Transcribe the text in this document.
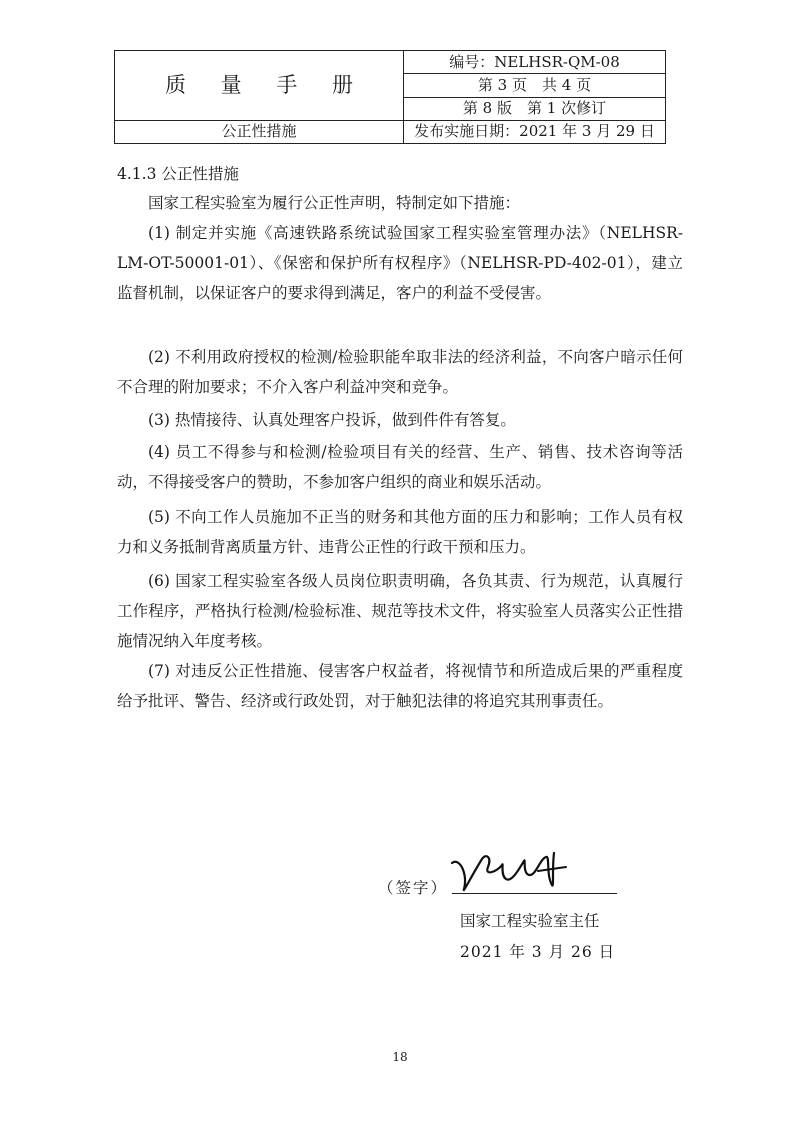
质 量 手 册	编号：NELHSR-QM-08
	第 3 页　共 4 页
	第 8 版　第 1 次修订
公正性措施	发布实施日期：2021 年 3 月 29 日
4.1.3 公正性措施

国家工程实验室为履行公正性声明，特制定如下措施：

(1) 制定并实施《高速铁路系统试验国家工程实验室管理办法》（NELHSR-LM-OT-50001-01）、《保密和保护所有权程序》（NELHSR-PD-402-01），建立监督机制，以保证客户的要求得到满足，客户的利益不受侵害。

(2) 不利用政府授权的检测/检验职能牟取非法的经济利益，不向客户暗示任何不合理的附加要求；不介入客户利益冲突和竞争。

(3) 热情接待、认真处理客户投诉，做到件件有答复。

(4) 员工不得参与和检测/检验项目有关的经营、生产、销售、技术咨询等活动，不得接受客户的赞助，不参加客户组织的商业和娱乐活动。

(5) 不向工作人员施加不正当的财务和其他方面的压力和影响；工作人员有权力和义务抵制背离质量方针、违背公正性的行政干预和压力。

(6) 国家工程实验室各级人员岗位职责明确，各负其责、行为规范，认真履行工作程序，严格执行检测/检验标准、规范等技术文件，将实验室人员落实公正性措施情况纳入年度考核。

(7) 对违反公正性措施、侵害客户权益者，将视情节和所造成后果的严重程度给予批评、警告、经济或行政处罚，对于触犯法律的将追究其刑事责任。

（签字）
国家工程实验室主任
2021 年 3 月 26 日
18
